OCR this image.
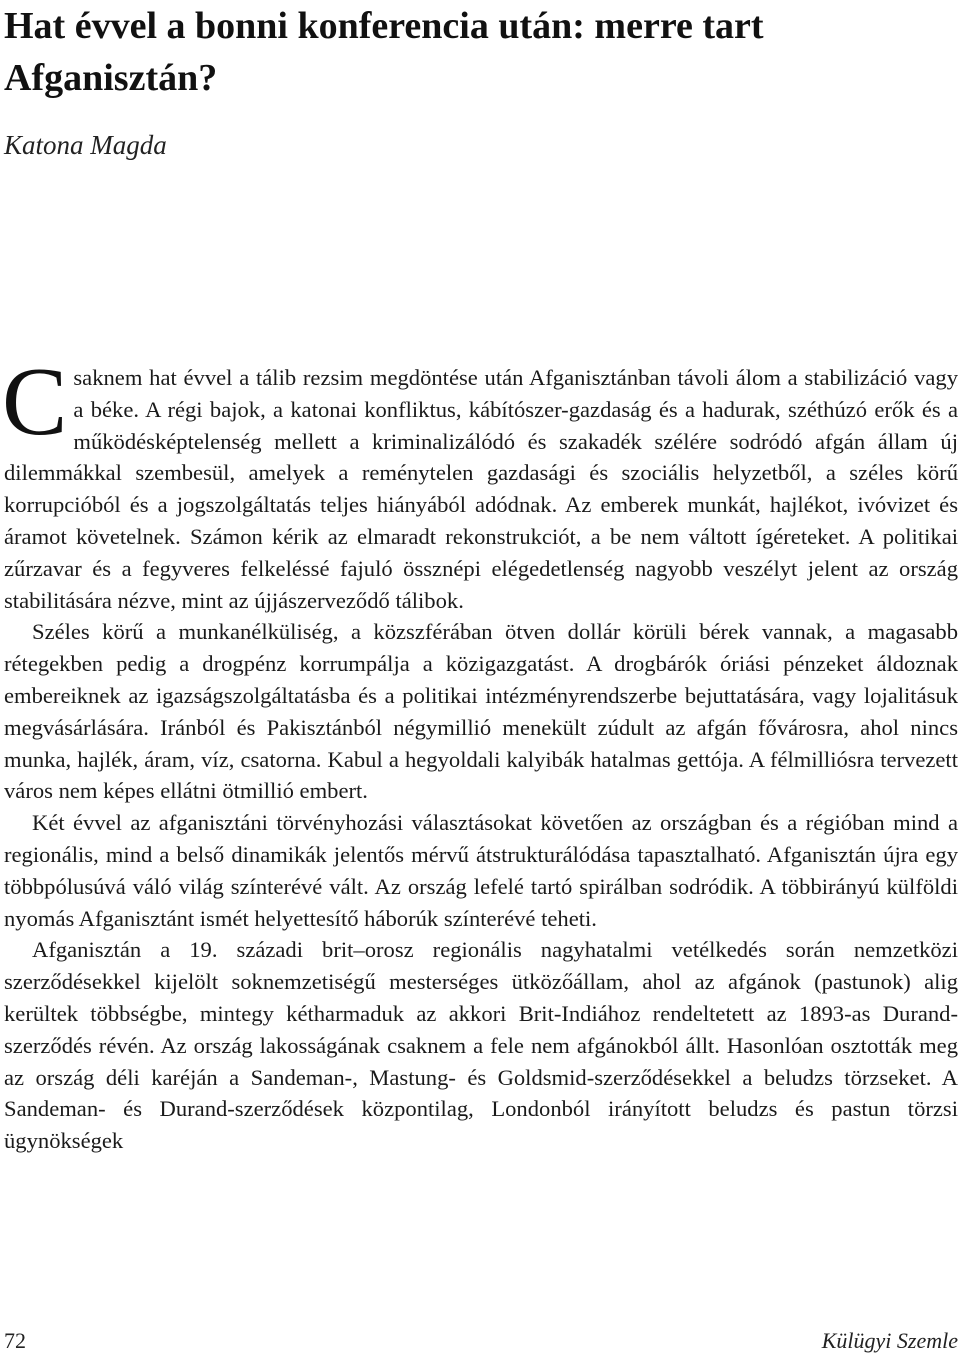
Hat évvel a bonni konferencia után: merre tart Afganisztán?
Katona Magda

Csaknem hat évvel a tálib rezsim megdöntése után Afganisztánban távoli álom a stabilizáció vagy a béke. A régi bajok, a katonai konfliktus, kábítószer-gazdaság és a hadurak, széthúzó erők és a működésképtelenség mellett a kriminalizálódó és szakadék szélére sodródó afgán állam új dilemmákkal szembesül, amelyek a reménytelen gazdasági és szociális helyzetből, a széles körű korrupcióból és a jogszolgáltatás teljes hiányából adódnak. Az emberek munkát, hajlékot, ivóvizet és áramot követelnek. Számon kérik az elmaradt rekonstrukciót, a be nem váltott ígéreteket. A politikai zűrzavar és a fegyveres felkeléssé fajuló össznépi elégedetlenség nagyobb veszélyt jelent az ország stabilitására nézve, mint az újjászerveződő tálibok.

Széles körű a munkanélküliség, a közszférában ötven dollár körüli bérek vannak, a magasabb rétegekben pedig a drogpénz korrumpálja a közigazgatást. A drogbárók óriási pénzeket áldoznak embereiknek az igazságszolgáltatásba és a politikai intézményrendszerbe bejuttatására, vagy lojalitásuk megvásárlására. Iránból és Pakisztánból négymillió menekült zúdult az afgán fővárosra, ahol nincs munka, hajlék, áram, víz, csatorna. Kabul a hegyoldali kalyibák hatalmas gettója. A félmilliósra tervezett város nem képes ellátni ötmillió embert.

Két évvel az afganisztáni törvényhozási választásokat követően az országban és a régióban mind a regionális, mind a belső dinamikák jelentős mérvű átstrukturálódása tapasztalható. Afganisztán újra egy többpólusúvá váló világ színterévé vált. Az ország lefelé tartó spirálban sodródik. A többirányú külföldi nyomás Afganisztánt ismét helyettesítő háborúk színterévé teheti.

Afganisztán a 19. századi brit–orosz regionális nagyhatalmi vetélkedés során nemzetközi szerződésekkel kijelölt soknemzetiségű mesterséges ütközőállam, ahol az afgánok (pastunok) alig kerültek többségbe, mintegy kétharmaduk az akkori Brit-Indiához rendeltetett az 1893-as Durand-szerződés révén. Az ország lakosságának csaknem a fele nem afgánokból állt. Hasonlóan osztották meg az ország déli karéján a Sandeman-, Mastung- és Goldsmid-szerződésekkel a beludzs törzseket. A Sandeman- és Durand-szerződések központilag, Londonból irányított beludzs és pastun törzsi ügynökségek

72	Külügyi Szemle
